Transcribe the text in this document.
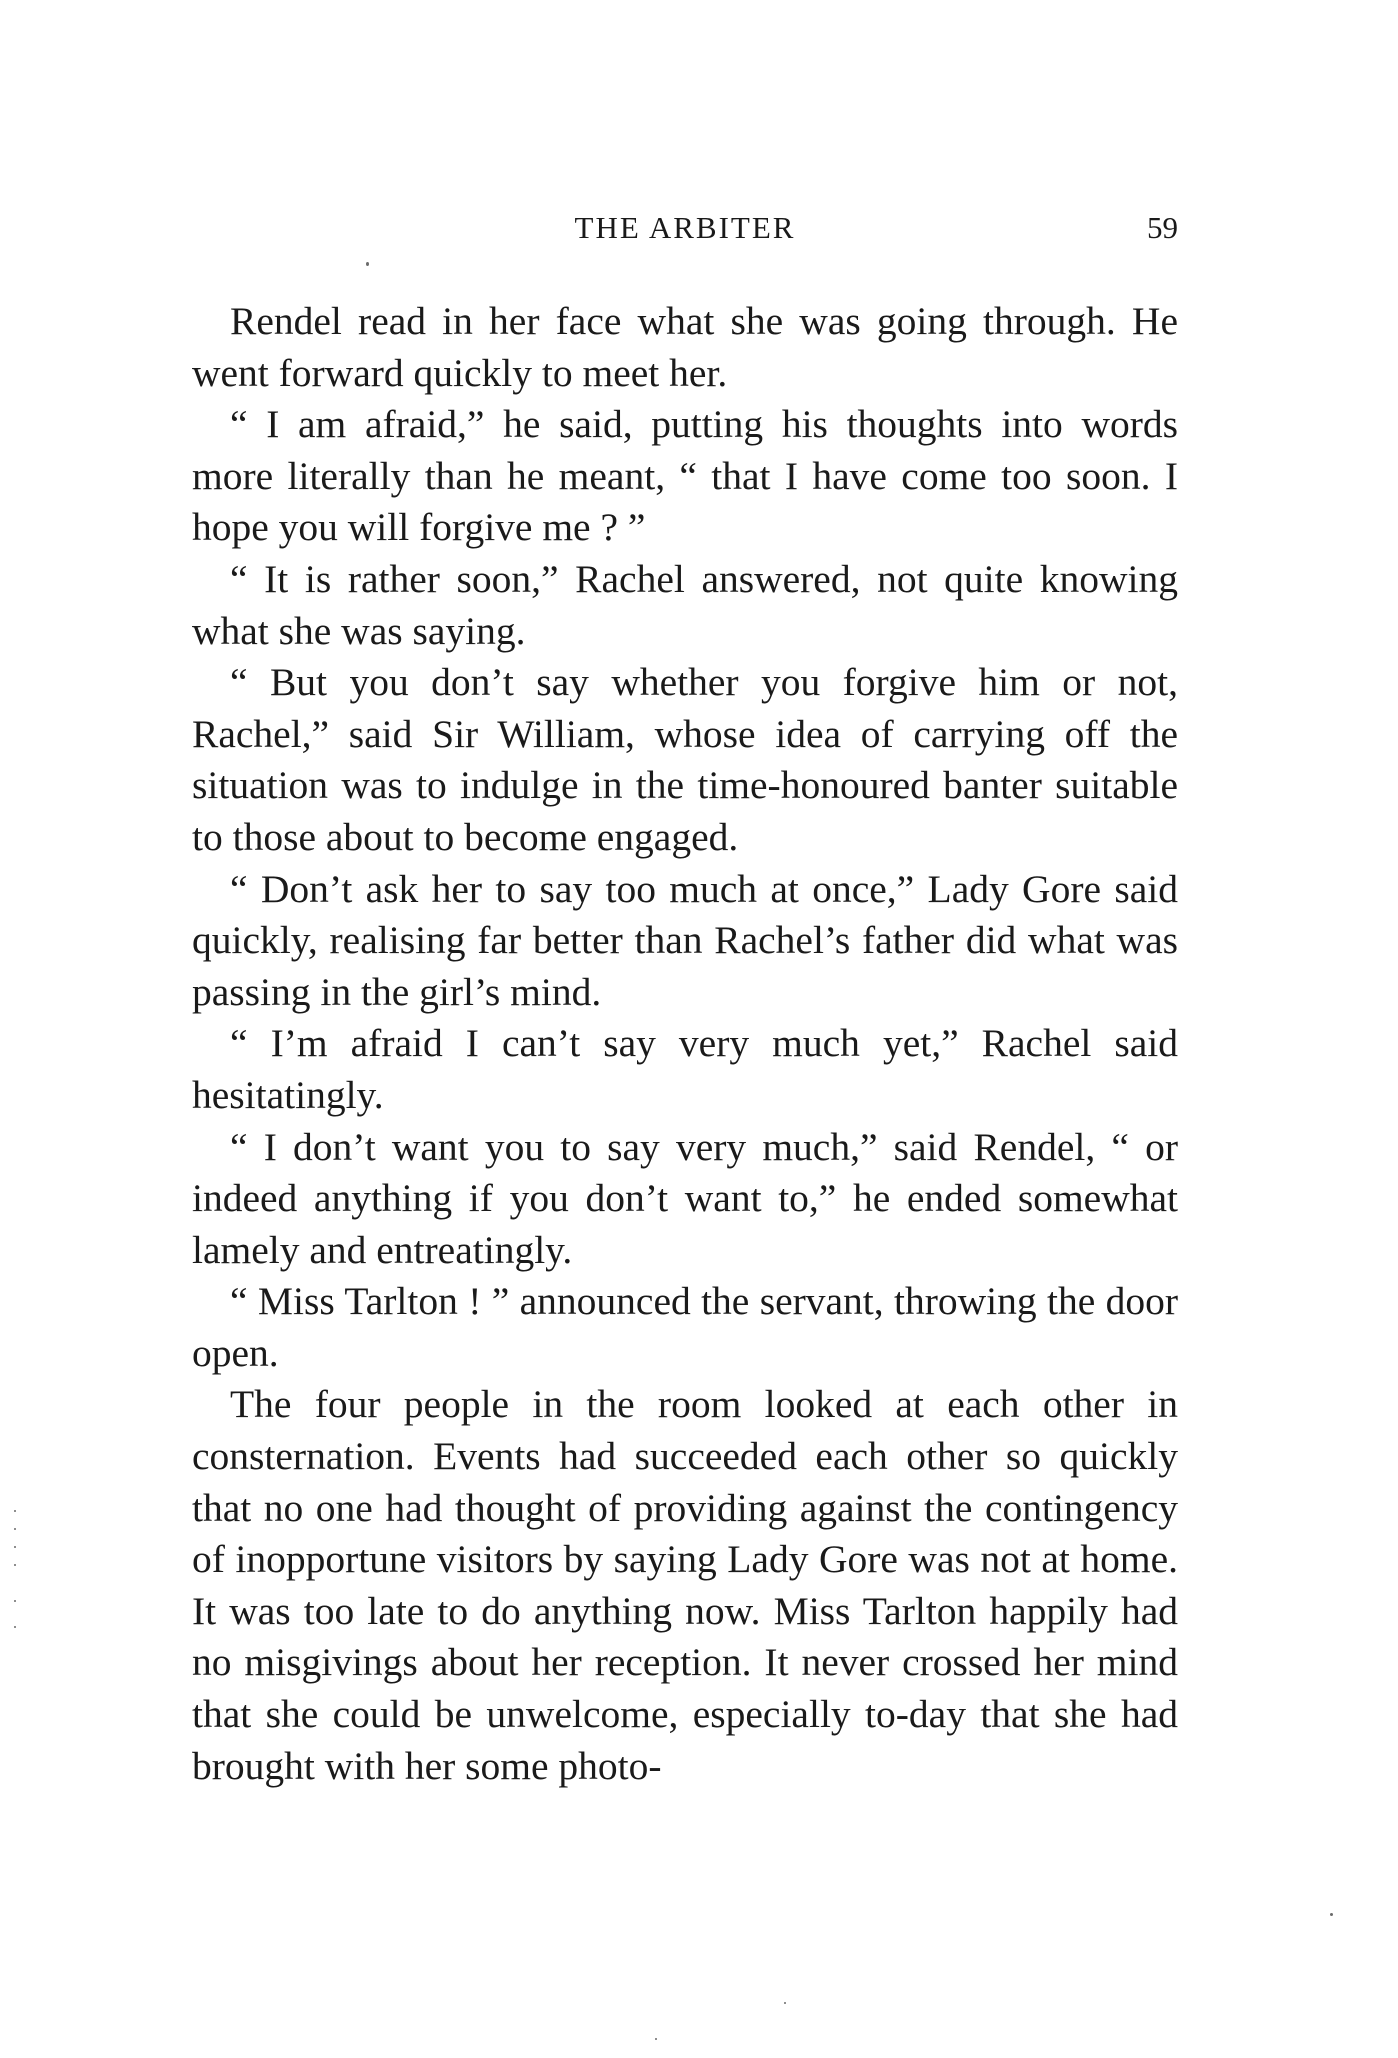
THE ARBITER	59

Rendel read in her face what she was going through. He went forward quickly to meet her.

“ I am afraid,” he said, putting his thoughts into words more literally than he meant, “ that I have come too soon. I hope you will forgive me ? ”

“ It is rather soon,” Rachel answered, not quite knowing what she was saying.

“ But you don’t say whether you forgive him or not, Rachel,” said Sir William, whose idea of carrying off the situation was to indulge in the time-honoured banter suitable to those about to become engaged.

“ Don’t ask her to say too much at once,” Lady Gore said quickly, realising far better than Rachel’s father did what was passing in the girl’s mind.

“ I’m afraid I can’t say very much yet,” Rachel said hesitatingly.

“ I don’t want you to say very much,” said Rendel, “ or indeed anything if you don’t want to,” he ended somewhat lamely and entreatingly.

“ Miss Tarlton ! ” announced the servant, throwing the door open.

The four people in the room looked at each other in consternation. Events had succeeded each other so quickly that no one had thought of providing against the contingency of inopportune visitors by saying Lady Gore was not at home. It was too late to do anything now. Miss Tarlton happily had no misgivings about her reception. It never crossed her mind that she could be unwelcome, especially to-day that she had brought with her some photo-
